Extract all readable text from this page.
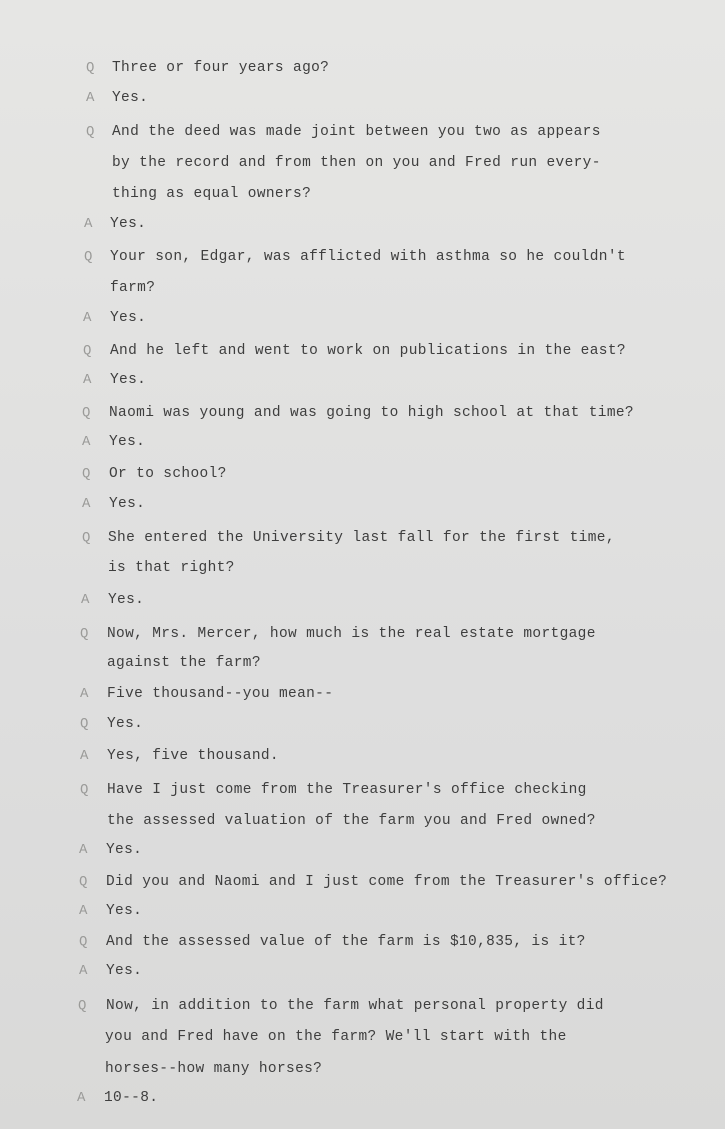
Q	Three or four years ago?
A	Yes.
Q	And the deed was made joint between you two as appears
by the record and from then on you and Fred run every-
thing as equal owners?
A	Yes.
Q	Your son, Edgar, was afflicted with asthma so he couldn't
farm?
A	Yes.
Q	And he left and went to work on publications in the east?
A	Yes.
Q	Naomi was young and was going to high school at that time?
A	Yes.
Q	Or to school?
A	Yes.
Q	She entered the University last fall for the first time,
is that right?
A	Yes.
Q	Now, Mrs. Mercer, how much is the real estate mortgage
against the farm?
A	Five thousand--you mean--
Q	Yes.
A	Yes, five thousand.
Q	Have I just come from the Treasurer's office checking
the assessed valuation of the farm you and Fred owned?
A	Yes.
Q	Did you and Naomi and I just come from the Treasurer's office?
A	Yes.
Q	And the assessed value of the farm is $10,835, is it?
A	Yes.
Q	Now, in addition to the farm what personal property did
you and Fred have on the farm? We'll start with the
horses--how many horses?
A	10--8.
